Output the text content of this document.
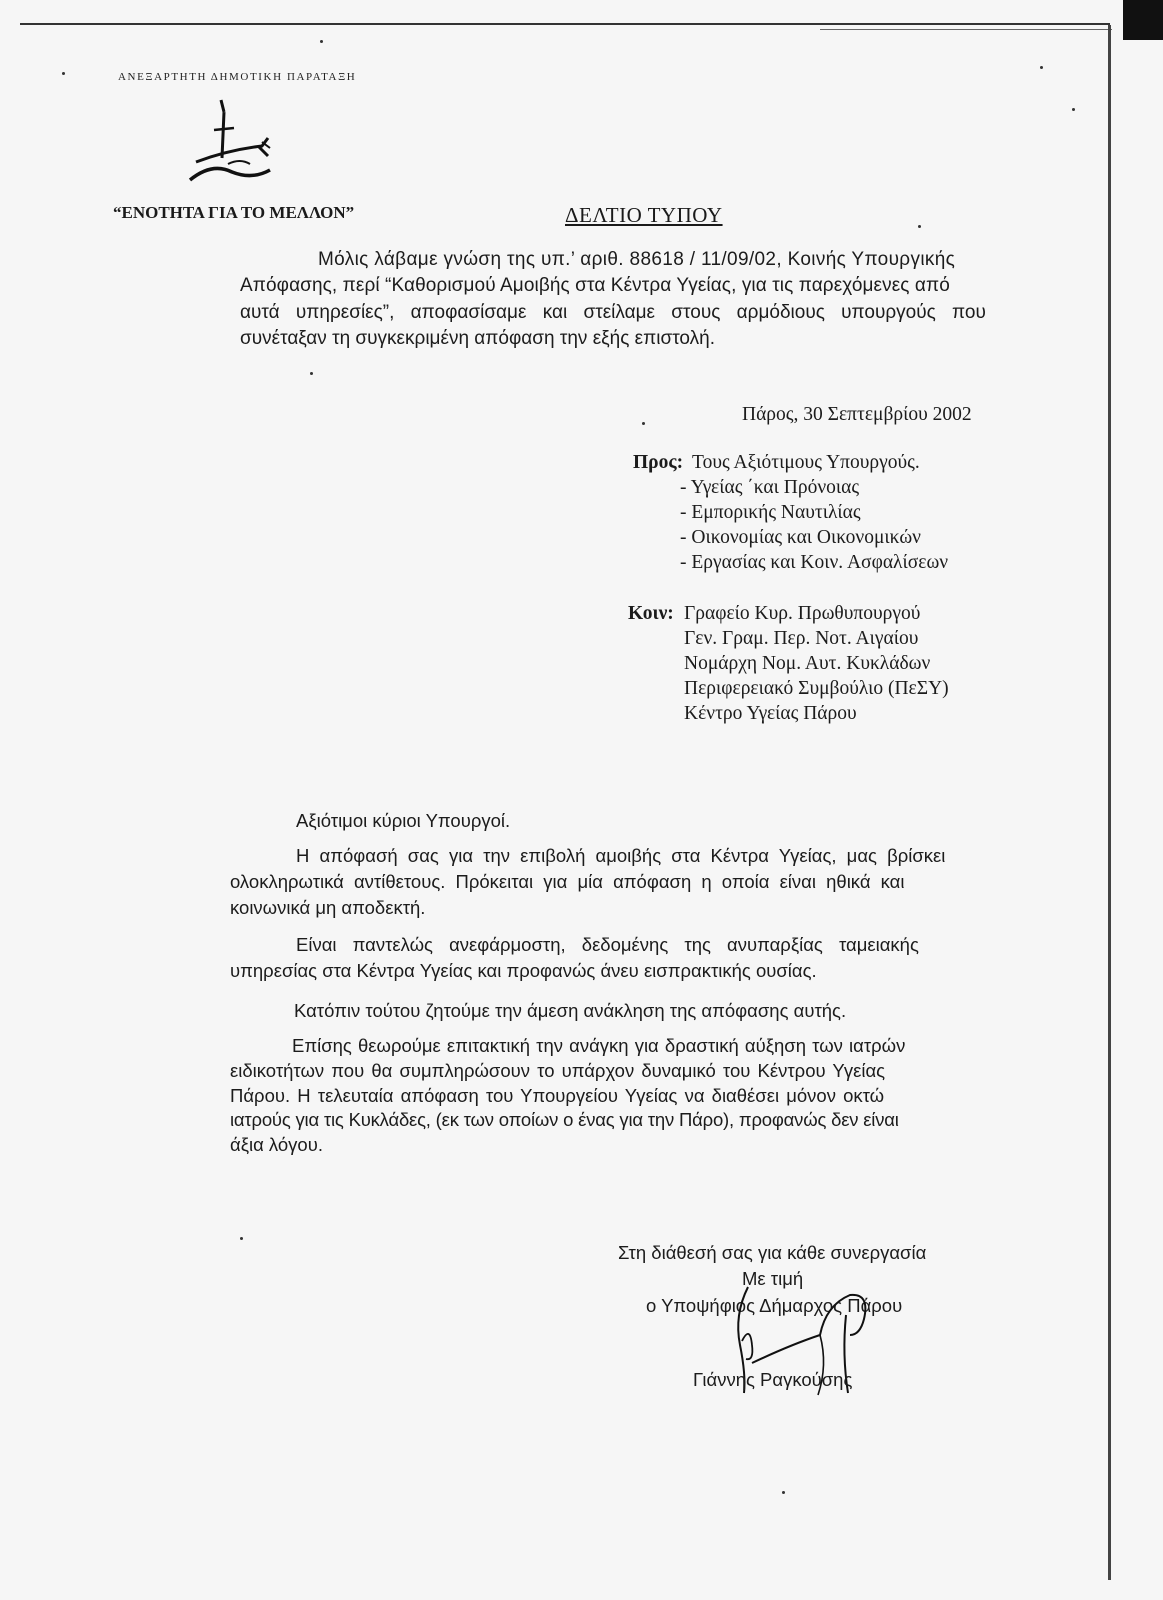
ΑΝΕΞΑΡΤΗΤΗ ΔΗΜΟΤΙΚΗ ΠΑΡΑΤΑΞΗ
“ΕΝΟΤΗΤΑ ΓΙΑ ΤΟ ΜΕΛΛΟΝ”	ΔΕΛΤΙΟ ΤΥΠΟΥ
Μόλις λάβαμε γνώση της υπ.’ αριθ. 88618 / 11/09/02, Κοινής Υπουργικής
Απόφασης, περί “Καθορισμού Αμοιβής στα Κέντρα Υγείας, για τις παρεχόμενες από
αυτά υπηρεσίες”, αποφασίσαμε και στείλαμε στους αρμόδιους υπουργούς που
συνέταξαν τη συγκεκριμένη απόφαση την εξής επιστολή.
Πάρος, 30 Σεπτεμβρίου 2002
Προς: Τους Αξιότιμους Υπουργούς.
- Υγείας ΄και Πρόνοιας
- Εμπορικής Ναυτιλίας
- Οικονομίας και Οικονομικών
- Εργασίας και Κοιν. Ασφαλίσεων
Κοιν: Γραφείο Κυρ. Πρωθυπουργού
Γεν. Γραμ. Περ. Νοτ. Αιγαίου
Νομάρχη Νομ. Αυτ. Κυκλάδων
Περιφερειακό Συμβούλιο (ΠεΣΥ)
Κέντρο Υγείας Πάρου
Αξιότιμοι κύριοι Υπουργοί.
Η απόφασή σας για την επιβολή αμοιβής στα Κέντρα Υγείας, μας βρίσκει
ολοκληρωτικά αντίθετους. Πρόκειται για μία απόφαση η οποία είναι ηθικά και
κοινωνικά μη αποδεκτή.
Είναι παντελώς ανεφάρμοστη, δεδομένης της ανυπαρξίας ταμειακής
υπηρεσίας στα Κέντρα Υγείας και προφανώς άνευ εισπρακτικής ουσίας.
Κατόπιν τούτου ζητούμε την άμεση ανάκληση της απόφασης αυτής.
Επίσης θεωρούμε επιτακτική την ανάγκη για δραστική αύξηση των ιατρών
ειδικοτήτων που θα συμπληρώσουν το υπάρχον δυναμικό του Κέντρου Υγείας
Πάρου. Η τελευταία απόφαση του Υπουργείου Υγείας να διαθέσει μόνον οκτώ
ιατρούς για τις Κυκλάδες, (εκ των οποίων ο ένας για την Πάρο), προφανώς δεν είναι
άξια λόγου.
Στη διάθεσή σας για κάθε συνεργασία
Με τιμή
ο Υποψήφιος Δήμαρχος Πάρου
Γιάννης Ραγκούσης
